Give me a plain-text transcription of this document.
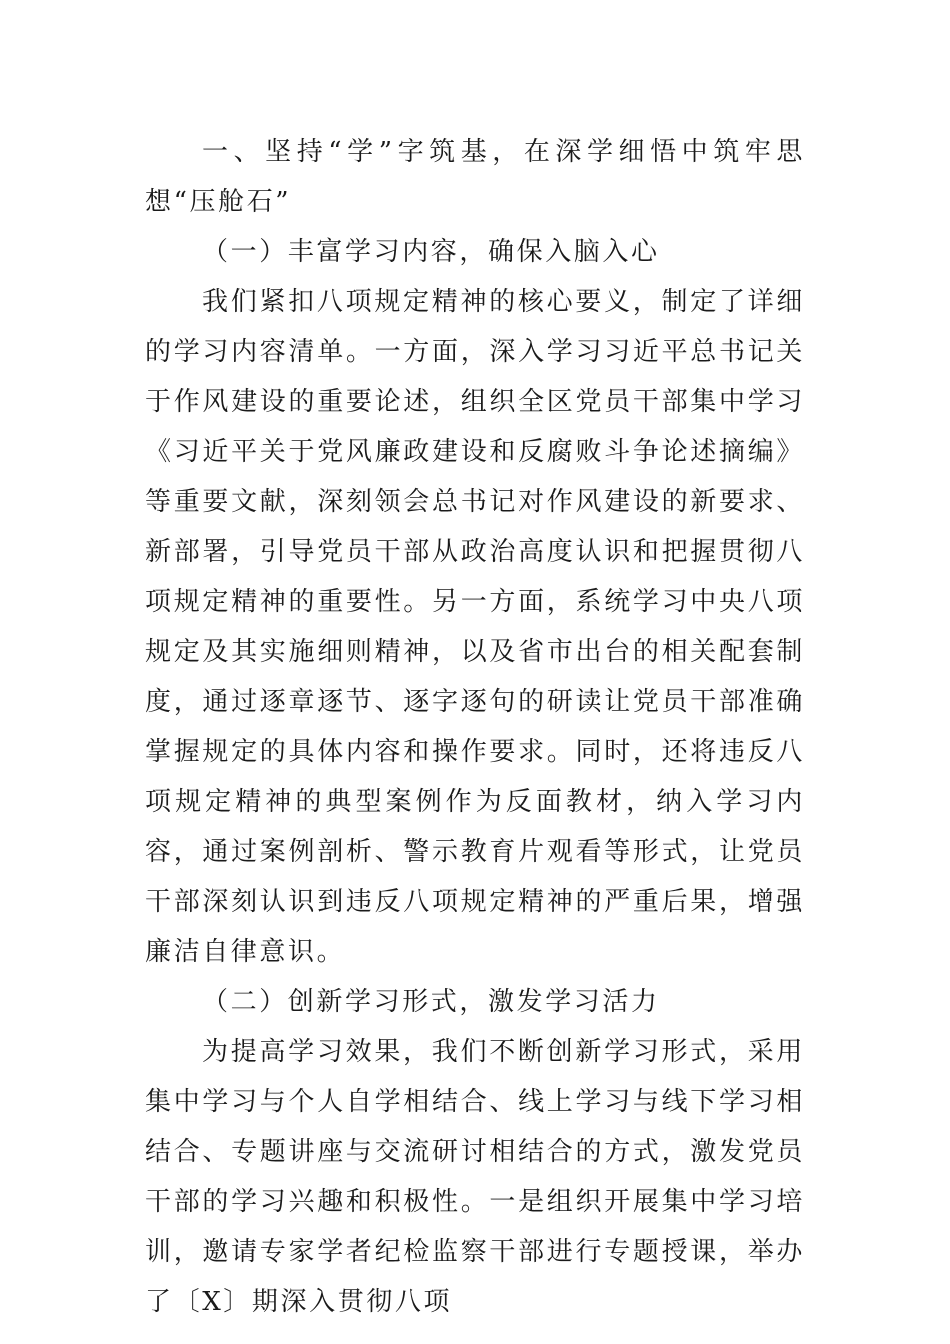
一、坚持“学”字筑基，在深学细悟中筑牢思想“压舱石”

（一）丰富学习内容，确保入脑入心

我们紧扣八项规定精神的核心要义，制定了详细的学习内容清单。一方面，深入学习习近平总书记关于作风建设的重要论述，组织全区党员干部集中学习《习近平关于党风廉政建设和反腐败斗争论述摘编》等重要文献，深刻领会总书记对作风建设的新要求、新部署，引导党员干部从政治高度认识和把握贯彻八项规定精神的重要性。另一方面，系统学习中央八项规定及其实施细则精神，以及省市出台的相关配套制度，通过逐章逐节、逐字逐句的研读让党员干部准确掌握规定的具体内容和操作要求。同时，还将违反八项规定精神的典型案例作为反面教材，纳入学习内容，通过案例剖析、警示教育片观看等形式，让党员干部深刻认识到违反八项规定精神的严重后果，增强廉洁自律意识。

（二）创新学习形式，激发学习活力

为提高学习效果，我们不断创新学习形式，采用集中学习与个人自学相结合、线上学习与线下学习相结合、专题讲座与交流研讨相结合的方式，激发党员干部的学习兴趣和积极性。一是组织开展集中学习培训，邀请专家学者纪检监察干部进行专题授课，举办了〔X〕期深入贯彻八项
